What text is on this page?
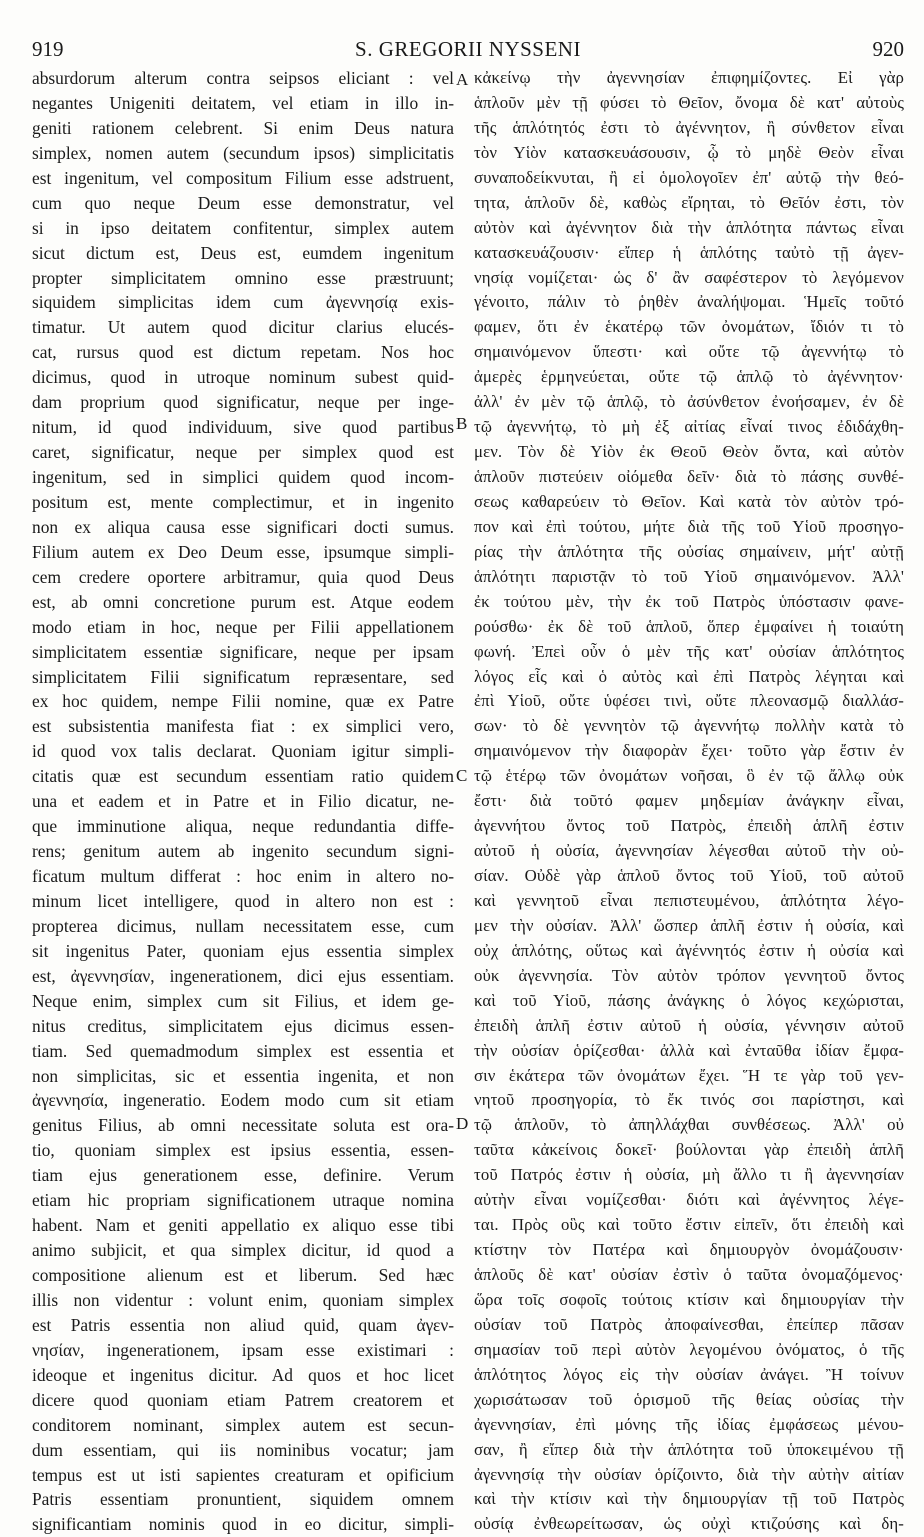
919	S. GREGORII NYSSENI	920
absurdorum alterum contra seipsos eliciant : vel
negantes Unigeniti deitatem, vel etiam in illo in-
geniti rationem celebrent. Si enim Deus natura
simplex, nomen autem (secundum ipsos) simplicitatis
est ingenitum, vel compositum Filium esse adstruent,
cum quo neque Deum esse demonstratur, vel
si in ipso deitatem confitentur, simplex autem
sicut dictum est, Deus est, eumdem ingenitum
propter simplicitatem omnino esse præstruunt;
siquidem simplicitas idem cum ἀγεννησίᾳ exis-
timatur. Ut autem quod dicitur clarius elucés-
cat, rursus quod est dictum repetam. Nos hoc
dicimus, quod in utroque nominum subest quid-
dam proprium quod significatur, neque per inge-
nitum, id quod individuum, sive quod partibus
caret, significatur, neque per simplex quod est
ingenitum, sed in simplici quidem quod incom-
positum est, mente complectimur, et in ingenito
non ex aliqua causa esse significari docti sumus.
Filium autem ex Deo Deum esse, ipsumque simpli-
cem credere oportere arbitramur, quia quod Deus
est, ab omni concretione purum est. Atque eodem
modo etiam in hoc, neque per Filii appellationem
simplicitatem essentiæ significare, neque per ipsam
simplicitatem Filii significatum repræsentare, sed
ex hoc quidem, nempe Filii nomine, quæ ex Patre
est subsistentia manifesta fiat : ex simplici vero,
id quod vox talis declarat. Quoniam igitur simpli-
citatis quæ est secundum essentiam ratio quidem
una et eadem et in Patre et in Filio dicatur, ne-
que imminutione aliqua, neque redundantia diffe-
rens; genitum autem ab ingenito secundum signi-
ficatum multum differat : hoc enim in altero no-
minum licet intelligere, quod in altero non est :
propterea dicimus, nullam necessitatem esse, cum
sit ingenitus Pater, quoniam ejus essentia simplex
est, ἀγεννησίαν, ingenerationem, dici ejus essentiam.
Neque enim, simplex cum sit Filius, et idem ge-
nitus creditus, simplicitatem ejus dicimus essen-
tiam. Sed quemadmodum simplex est essentia et
non simplicitas, sic et essentia ingenita, et non
ἀγεννησία, ingeneratio. Eodem modo cum sit etiam
genitus Filius, ab omni necessitate soluta est ora-
tio, quoniam simplex est ipsius essentia, essen-
tiam ejus generationem esse, definire. Verum
etiam hic propriam significationem utraque nomina
habent. Nam et geniti appellatio ex aliquo esse tibi
animo subjicit, et qua simplex dicitur, id quod a
compositione alienum est et liberum. Sed hæc
illis non videntur : volunt enim, quoniam simplex
est Patris essentia non aliud quid, quam ἀγεν-
νησίαν, ingenerationem, ipsam esse existimari :
ideoque et ingenitus dicitur. Ad quos et hoc licet
dicere quod quoniam etiam Patrem creatorem et
conditorem nominant, simplex autem est secun-
dum essentiam, qui iis nominibus vocatur; jam
tempus est ut isti sapientes creaturam et opificium
Patris essentiam pronuntient, siquidem omnem
significantiam nominis quod in eo dicitur, simpli-
A
B
C
D
κἀκείνῳ τὴν ἀγεννησίαν ἐπιφημίζοντες. Εἰ γὰρ
ἁπλοῦν μὲν τῇ φύσει τὸ Θεῖον, ὄνομα δὲ κατ' αὐτοὺς
τῆς ἁπλότητός ἐστι τὸ ἀγέννητον, ἢ σύνθετον εἶναι
τὸν Υἱὸν κατασκευάσουσιν, ᾧ τὸ μηδὲ Θεὸν εἶναι
συναποδείκνυται, ἢ εἰ ὁμολογοῖεν ἐπ' αὐτῷ τὴν θεό-
τητα, ἁπλοῦν δὲ, καθὼς εἴρηται, τὸ Θεῖόν ἐστι, τὸν
αὐτὸν καὶ ἀγέννητον διὰ τὴν ἁπλότητα πάντως εἶναι
κατασκευάζουσιν· εἴπερ ἡ ἁπλότης ταὐτὸ τῇ ἀγεν-
νησίᾳ νομίζεται· ὡς δ' ἂν σαφέστερον τὸ λεγόμενον
γένοιτο, πάλιν τὸ ῥηθὲν ἀναλήψομαι. Ἡμεῖς τοῦτό
φαμεν, ὅτι ἐν ἑκατέρῳ τῶν ὀνομάτων, ἴδιόν τι τὸ
σημαινόμενον ὕπεστι· καὶ οὔτε τῷ ἀγεννήτῳ τὸ
ἀμερὲς ἑρμηνεύεται, οὔτε τῷ ἁπλῷ τὸ ἀγέννητον·
ἀλλ' ἐν μὲν τῷ ἁπλῷ, τὸ ἀσύνθετον ἐνοήσαμεν, ἐν δὲ
τῷ ἀγεννήτῳ, τὸ μὴ ἐξ αἰτίας εἶναί τινος ἐδιδάχθη-
μεν. Τὸν δὲ Υἱὸν ἐκ Θεοῦ Θεὸν ὄντα, καὶ αὐτὸν
ἁπλοῦν πιστεύειν οἰόμεθα δεῖν· διὰ τὸ πάσης συνθέ-
σεως καθαρεύειν τὸ Θεῖον. Καὶ κατὰ τὸν αὐτὸν τρό-
πον καὶ ἐπὶ τούτου, μήτε διὰ τῆς τοῦ Υἱοῦ προσηγο-
ρίας τὴν ἁπλότητα τῆς οὐσίας σημαίνειν, μήτ' αὐτῇ
ἁπλότητι παριστᾷν τὸ τοῦ Υἱοῦ σημαινόμενον. Ἀλλ'
ἐκ τούτου μὲν, τὴν ἐκ τοῦ Πατρὸς ὑπόστασιν φανε-
ρούσθω· ἐκ δὲ τοῦ ἁπλοῦ, ὅπερ ἐμφαίνει ἡ τοιαύτη
φωνή. Ἐπεὶ οὖν ὁ μὲν τῆς κατ' οὐσίαν ἁπλότητος
λόγος εἷς καὶ ὁ αὐτὸς καὶ ἐπὶ Πατρὸς λέγηται καὶ
ἐπὶ Υἱοῦ, οὔτε ὑφέσει τινὶ, οὔτε πλεονασμῷ διαλλάσ-
σων· τὸ δὲ γεννητὸν τῷ ἀγεννήτῳ πολλὴν κατὰ τὸ
σημαινόμενον τὴν διαφορὰν ἔχει· τοῦτο γὰρ ἔστιν ἐν
τῷ ἑτέρῳ τῶν ὀνομάτων νοῆσαι, ὃ ἐν τῷ ἄλλῳ οὐκ
ἔστι· διὰ τοῦτό φαμεν μηδεμίαν ἀνάγκην εἶναι,
ἀγεννήτου ὄντος τοῦ Πατρὸς, ἐπειδὴ ἁπλῆ ἐστιν
αὐτοῦ ἡ οὐσία, ἀγεννησίαν λέγεσθαι αὐτοῦ τὴν οὐ-
σίαν. Οὐδὲ γὰρ ἁπλοῦ ὄντος τοῦ Υἱοῦ, τοῦ αὐτοῦ
καὶ γεννητοῦ εἶναι πεπιστευμένου, ἁπλότητα λέγο-
μεν τὴν οὐσίαν. Ἀλλ' ὥσπερ ἁπλῆ ἐστιν ἡ οὐσία, καὶ
οὐχ ἁπλότης, οὕτως καὶ ἀγέννητός ἐστιν ἡ οὐσία καὶ
οὐκ ἀγεννησία. Τὸν αὐτὸν τρόπον γεννητοῦ ὄντος
καὶ τοῦ Υἱοῦ, πάσης ἀνάγκης ὁ λόγος κεχώρισται,
ἐπειδὴ ἁπλῆ ἐστιν αὐτοῦ ἡ οὐσία, γέννησιν αὐτοῦ
τὴν οὐσίαν ὁρίζεσθαι· ἀλλὰ καὶ ἐνταῦθα ἰδίαν ἔμφα-
σιν ἑκάτερα τῶν ὀνομάτων ἔχει. Ἥ τε γὰρ τοῦ γεν-
νητοῦ προσηγορία, τὸ ἔκ τινός σοι παρίστησι, καὶ
τῷ ἁπλοῦν, τὸ ἀπηλλάχθαι συνθέσεως. Ἀλλ' οὐ
ταῦτα κἀκείνοις δοκεῖ· βούλονται γὰρ ἐπειδὴ ἁπλῆ
τοῦ Πατρός ἐστιν ἡ οὐσία, μὴ ἄλλο τι ἢ ἀγεννησίαν
αὐτὴν εἶναι νομίζεσθαι· διότι καὶ ἀγέννητος λέγε-
ται. Πρὸς οὓς καὶ τοῦτο ἔστιν εἰπεῖν, ὅτι ἐπειδὴ καὶ
κτίστην τὸν Πατέρα καὶ δημιουργὸν ὀνομάζουσιν·
ἁπλοῦς δὲ κατ' οὐσίαν ἐστὶν ὁ ταῦτα ὀνομαζόμενος·
ὥρα τοῖς σοφοῖς τούτοις κτίσιν καὶ δημιουργίαν τὴν
οὐσίαν τοῦ Πατρὸς ἀποφαίνεσθαι, ἐπείπερ πᾶσαν
σημασίαν τοῦ περὶ αὐτὸν λεγομένου ὀνόματος, ὁ τῆς
ἁπλότητος λόγος εἰς τὴν οὐσίαν ἀνάγει. Ἢ τοίνυν
χωρισάτωσαν τοῦ ὁρισμοῦ τῆς θείας οὐσίας τὴν
ἀγεννησίαν, ἐπὶ μόνης τῆς ἰδίας ἐμφάσεως μένου-
σαν, ἢ εἴπερ διὰ τὴν ἁπλότητα τοῦ ὑποκειμένου τῇ
ἀγεννησίᾳ τὴν οὐσίαν ὁρίζοιντο, διὰ τὴν αὐτὴν αἰτίαν
καὶ τὴν κτίσιν καὶ τὴν δημιουργίαν τῇ τοῦ Πατρὸς
οὐσίᾳ ἐνθεωρείτωσαν, ὡς οὐχὶ κτιζούσης καὶ δη-
